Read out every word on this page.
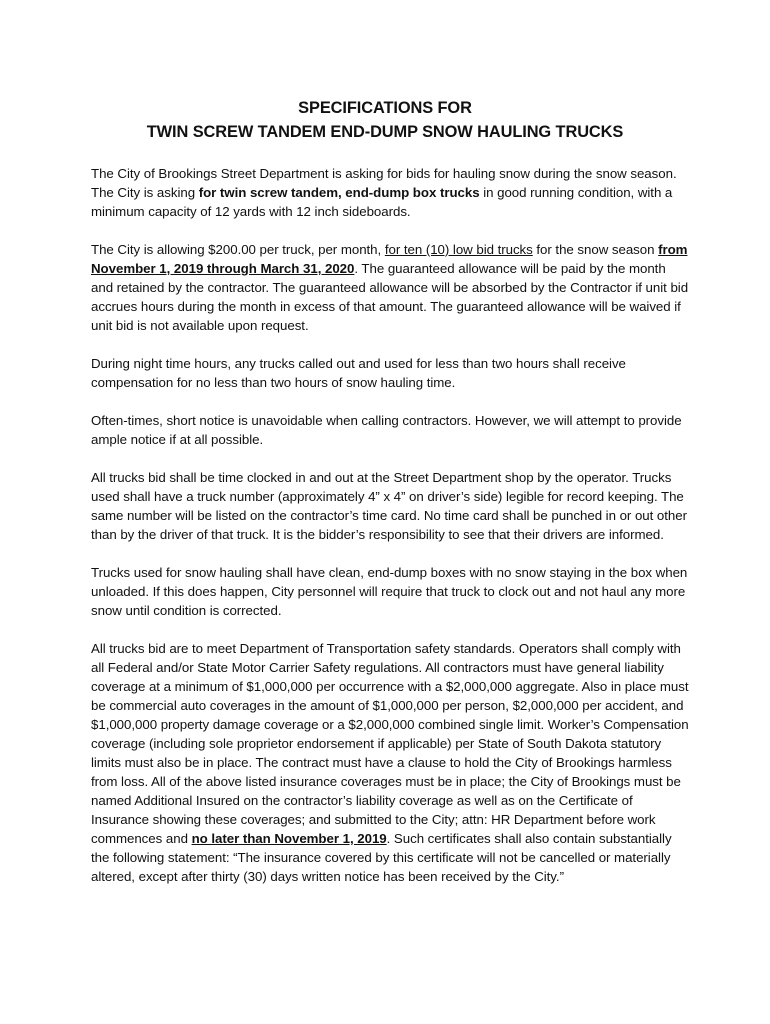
SPECIFICATIONS FOR
TWIN SCREW TANDEM END-DUMP SNOW HAULING TRUCKS

The City of Brookings Street Department is asking for bids for hauling snow during the snow season. The City is asking for twin screw tandem, end-dump box trucks in good running condition, with a minimum capacity of 12 yards with 12 inch sideboards.

The City is allowing $200.00 per truck, per month, for ten (10) low bid trucks for the snow season from November 1, 2019 through March 31, 2020. The guaranteed allowance will be paid by the month and retained by the contractor. The guaranteed allowance will be absorbed by the Contractor if unit bid accrues hours during the month in excess of that amount. The guaranteed allowance will be waived if unit bid is not available upon request.

During night time hours, any trucks called out and used for less than two hours shall receive compensation for no less than two hours of snow hauling time.

Often-times, short notice is unavoidable when calling contractors. However, we will attempt to provide ample notice if at all possible.

All trucks bid shall be time clocked in and out at the Street Department shop by the operator. Trucks used shall have a truck number (approximately 4” x 4” on driver’s side) legible for record keeping. The same number will be listed on the contractor’s time card. No time card shall be punched in or out other than by the driver of that truck. It is the bidder’s responsibility to see that their drivers are informed.

Trucks used for snow hauling shall have clean, end-dump boxes with no snow staying in the box when unloaded. If this does happen, City personnel will require that truck to clock out and not haul any more snow until condition is corrected.

All trucks bid are to meet Department of Transportation safety standards. Operators shall comply with all Federal and/or State Motor Carrier Safety regulations. All contractors must have general liability coverage at a minimum of $1,000,000 per occurrence with a $2,000,000 aggregate. Also in place must be commercial auto coverages in the amount of $1,000,000 per person, $2,000,000 per accident, and $1,000,000 property damage coverage or a $2,000,000 combined single limit. Worker’s Compensation coverage (including sole proprietor endorsement if applicable) per State of South Dakota statutory limits must also be in place. The contract must have a clause to hold the City of Brookings harmless from loss. All of the above listed insurance coverages must be in place; the City of Brookings must be named Additional Insured on the contractor’s liability coverage as well as on the Certificate of Insurance showing these coverages; and submitted to the City; attn: HR Department before work commences and no later than November 1, 2019. Such certificates shall also contain substantially the following statement: “The insurance covered by this certificate will not be cancelled or materially altered, except after thirty (30) days written notice has been received by the City.”
